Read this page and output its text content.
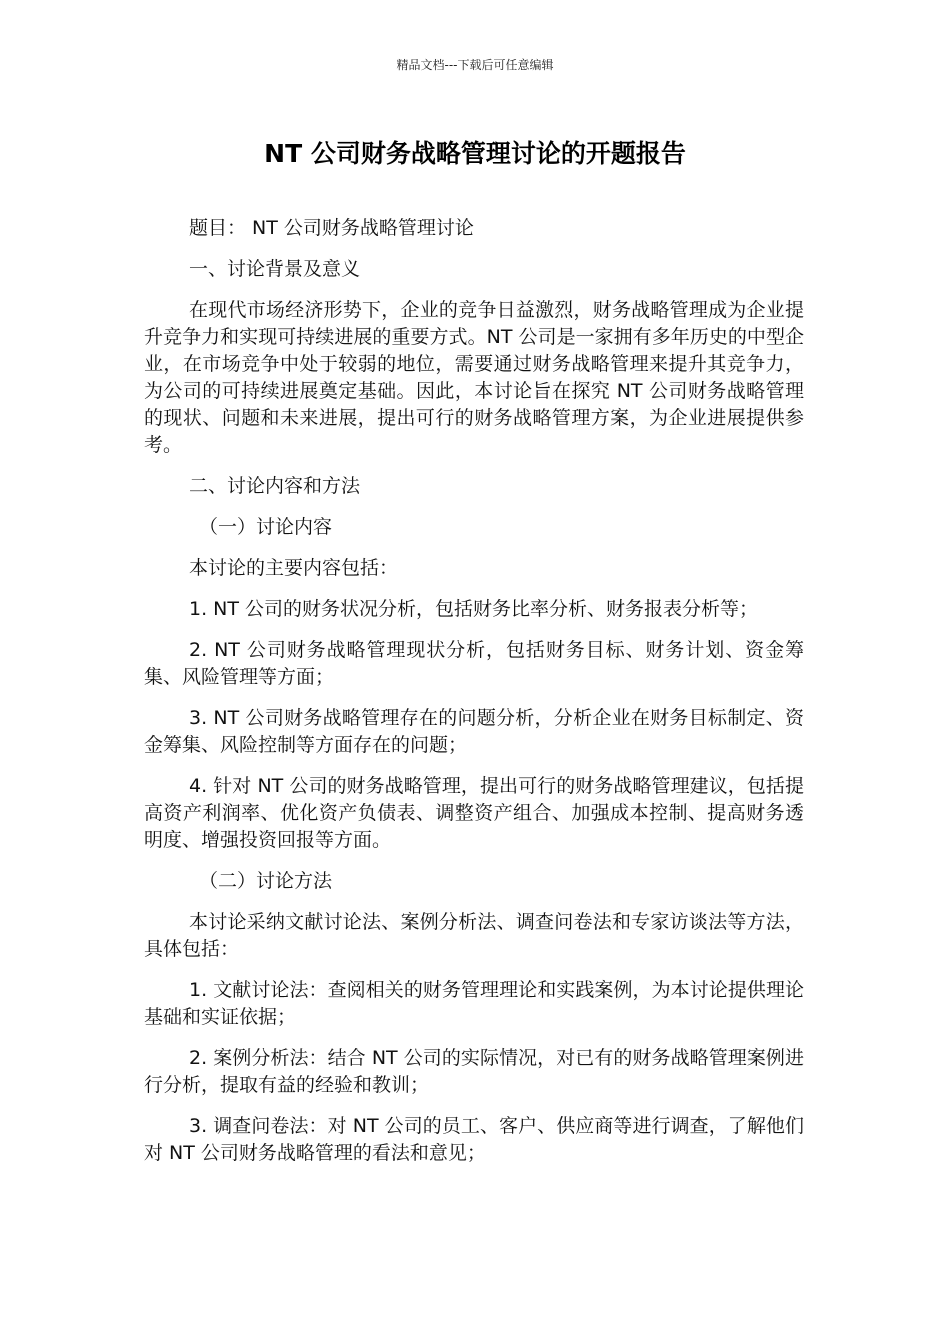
精品文档---下载后可任意编辑
NT 公司财务战略管理讨论的开题报告

题目： NT 公司财务战略管理讨论

一、讨论背景及意义

在现代市场经济形势下，企业的竞争日益激烈，财务战略管理成为企业提升竞争力和实现可持续进展的重要方式。NT 公司是一家拥有多年历史的中型企业，在市场竞争中处于较弱的地位，需要通过财务战略管理来提升其竞争力，为公司的可持续进展奠定基础。因此，本讨论旨在探究 NT 公司财务战略管理的现状、问题和未来进展，提出可行的财务战略管理方案，为企业进展提供参考。

二、讨论内容和方法

（一）讨论内容

本讨论的主要内容包括：

1. NT 公司的财务状况分析，包括财务比率分析、财务报表分析等；

2. NT 公司财务战略管理现状分析，包括财务目标、财务计划、资金筹集、风险管理等方面；

3. NT 公司财务战略管理存在的问题分析，分析企业在财务目标制定、资金筹集、风险控制等方面存在的问题；

4. 针对 NT 公司的财务战略管理，提出可行的财务战略管理建议，包括提高资产利润率、优化资产负债表、调整资产组合、加强成本控制、提高财务透明度、增强投资回报等方面。

（二）讨论方法

本讨论采纳文献讨论法、案例分析法、调查问卷法和专家访谈法等方法，具体包括：

1. 文献讨论法：查阅相关的财务管理理论和实践案例，为本讨论提供理论基础和实证依据；

2. 案例分析法：结合 NT 公司的实际情况，对已有的财务战略管理案例进行分析，提取有益的经验和教训；

3. 调查问卷法：对 NT 公司的员工、客户、供应商等进行调查，了解他们对 NT 公司财务战略管理的看法和意见；
